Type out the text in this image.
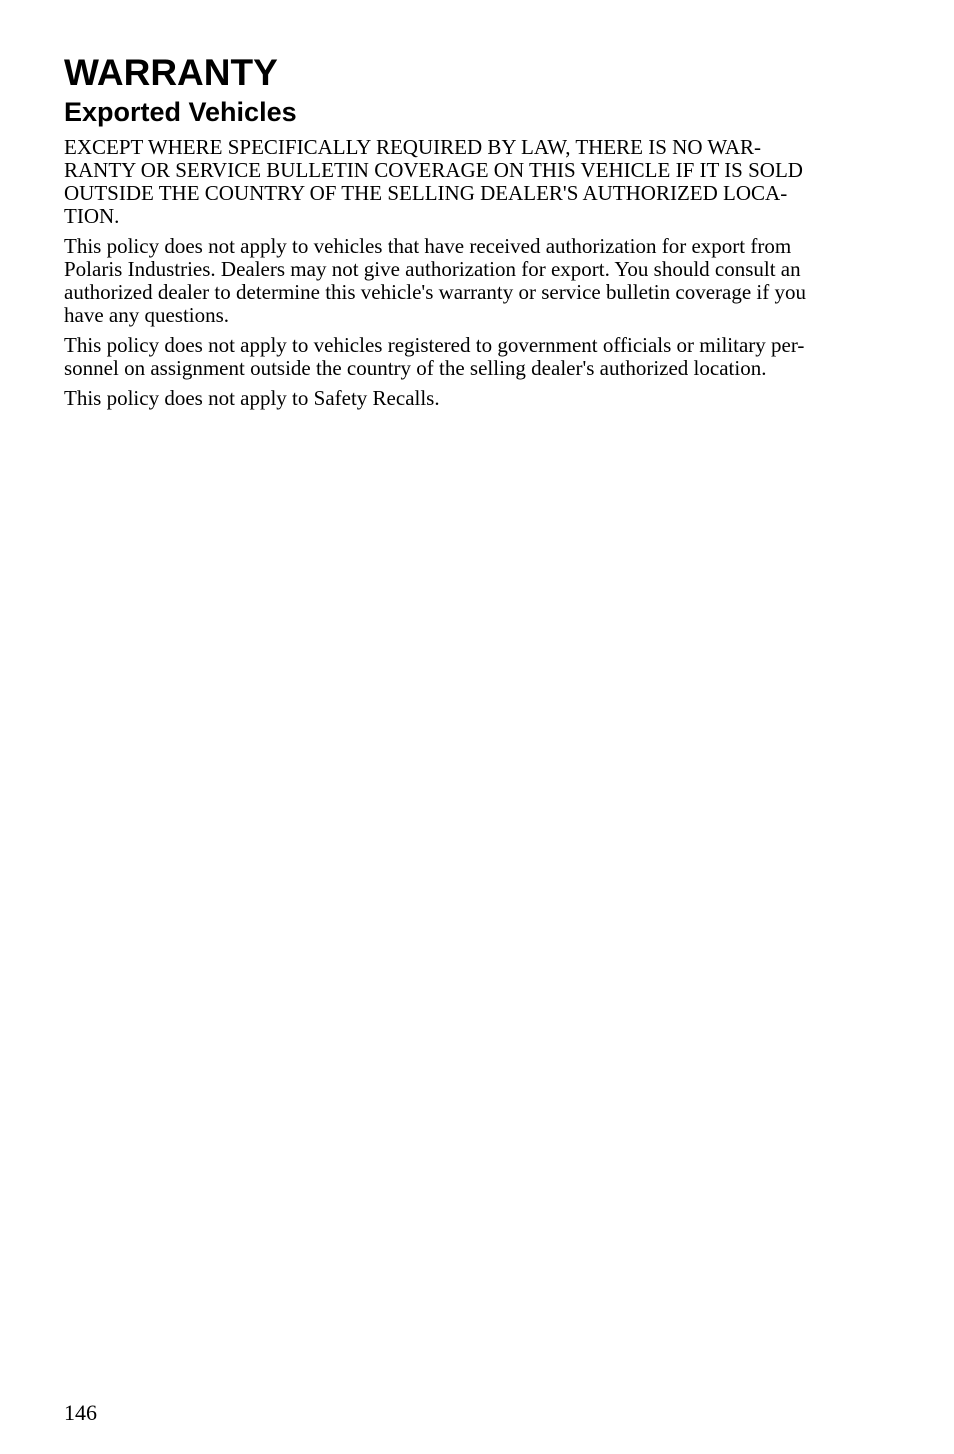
WARRANTY
Exported Vehicles

EXCEPT WHERE SPECIFICALLY REQUIRED BY LAW, THERE IS NO WAR-
RANTY OR SERVICE BULLETIN COVERAGE ON THIS VEHICLE IF IT IS SOLD
OUTSIDE THE COUNTRY OF THE SELLING DEALER'S AUTHORIZED LOCA-
TION.

This policy does not apply to vehicles that have received authorization for export from
Polaris Industries. Dealers may not give authorization for export. You should consult an
authorized dealer to determine this vehicle's warranty or service bulletin coverage if you
have any questions.

This policy does not apply to vehicles registered to government officials or military per-
sonnel on assignment outside the country of the selling dealer's authorized location.

This policy does not apply to Safety Recalls.

146
